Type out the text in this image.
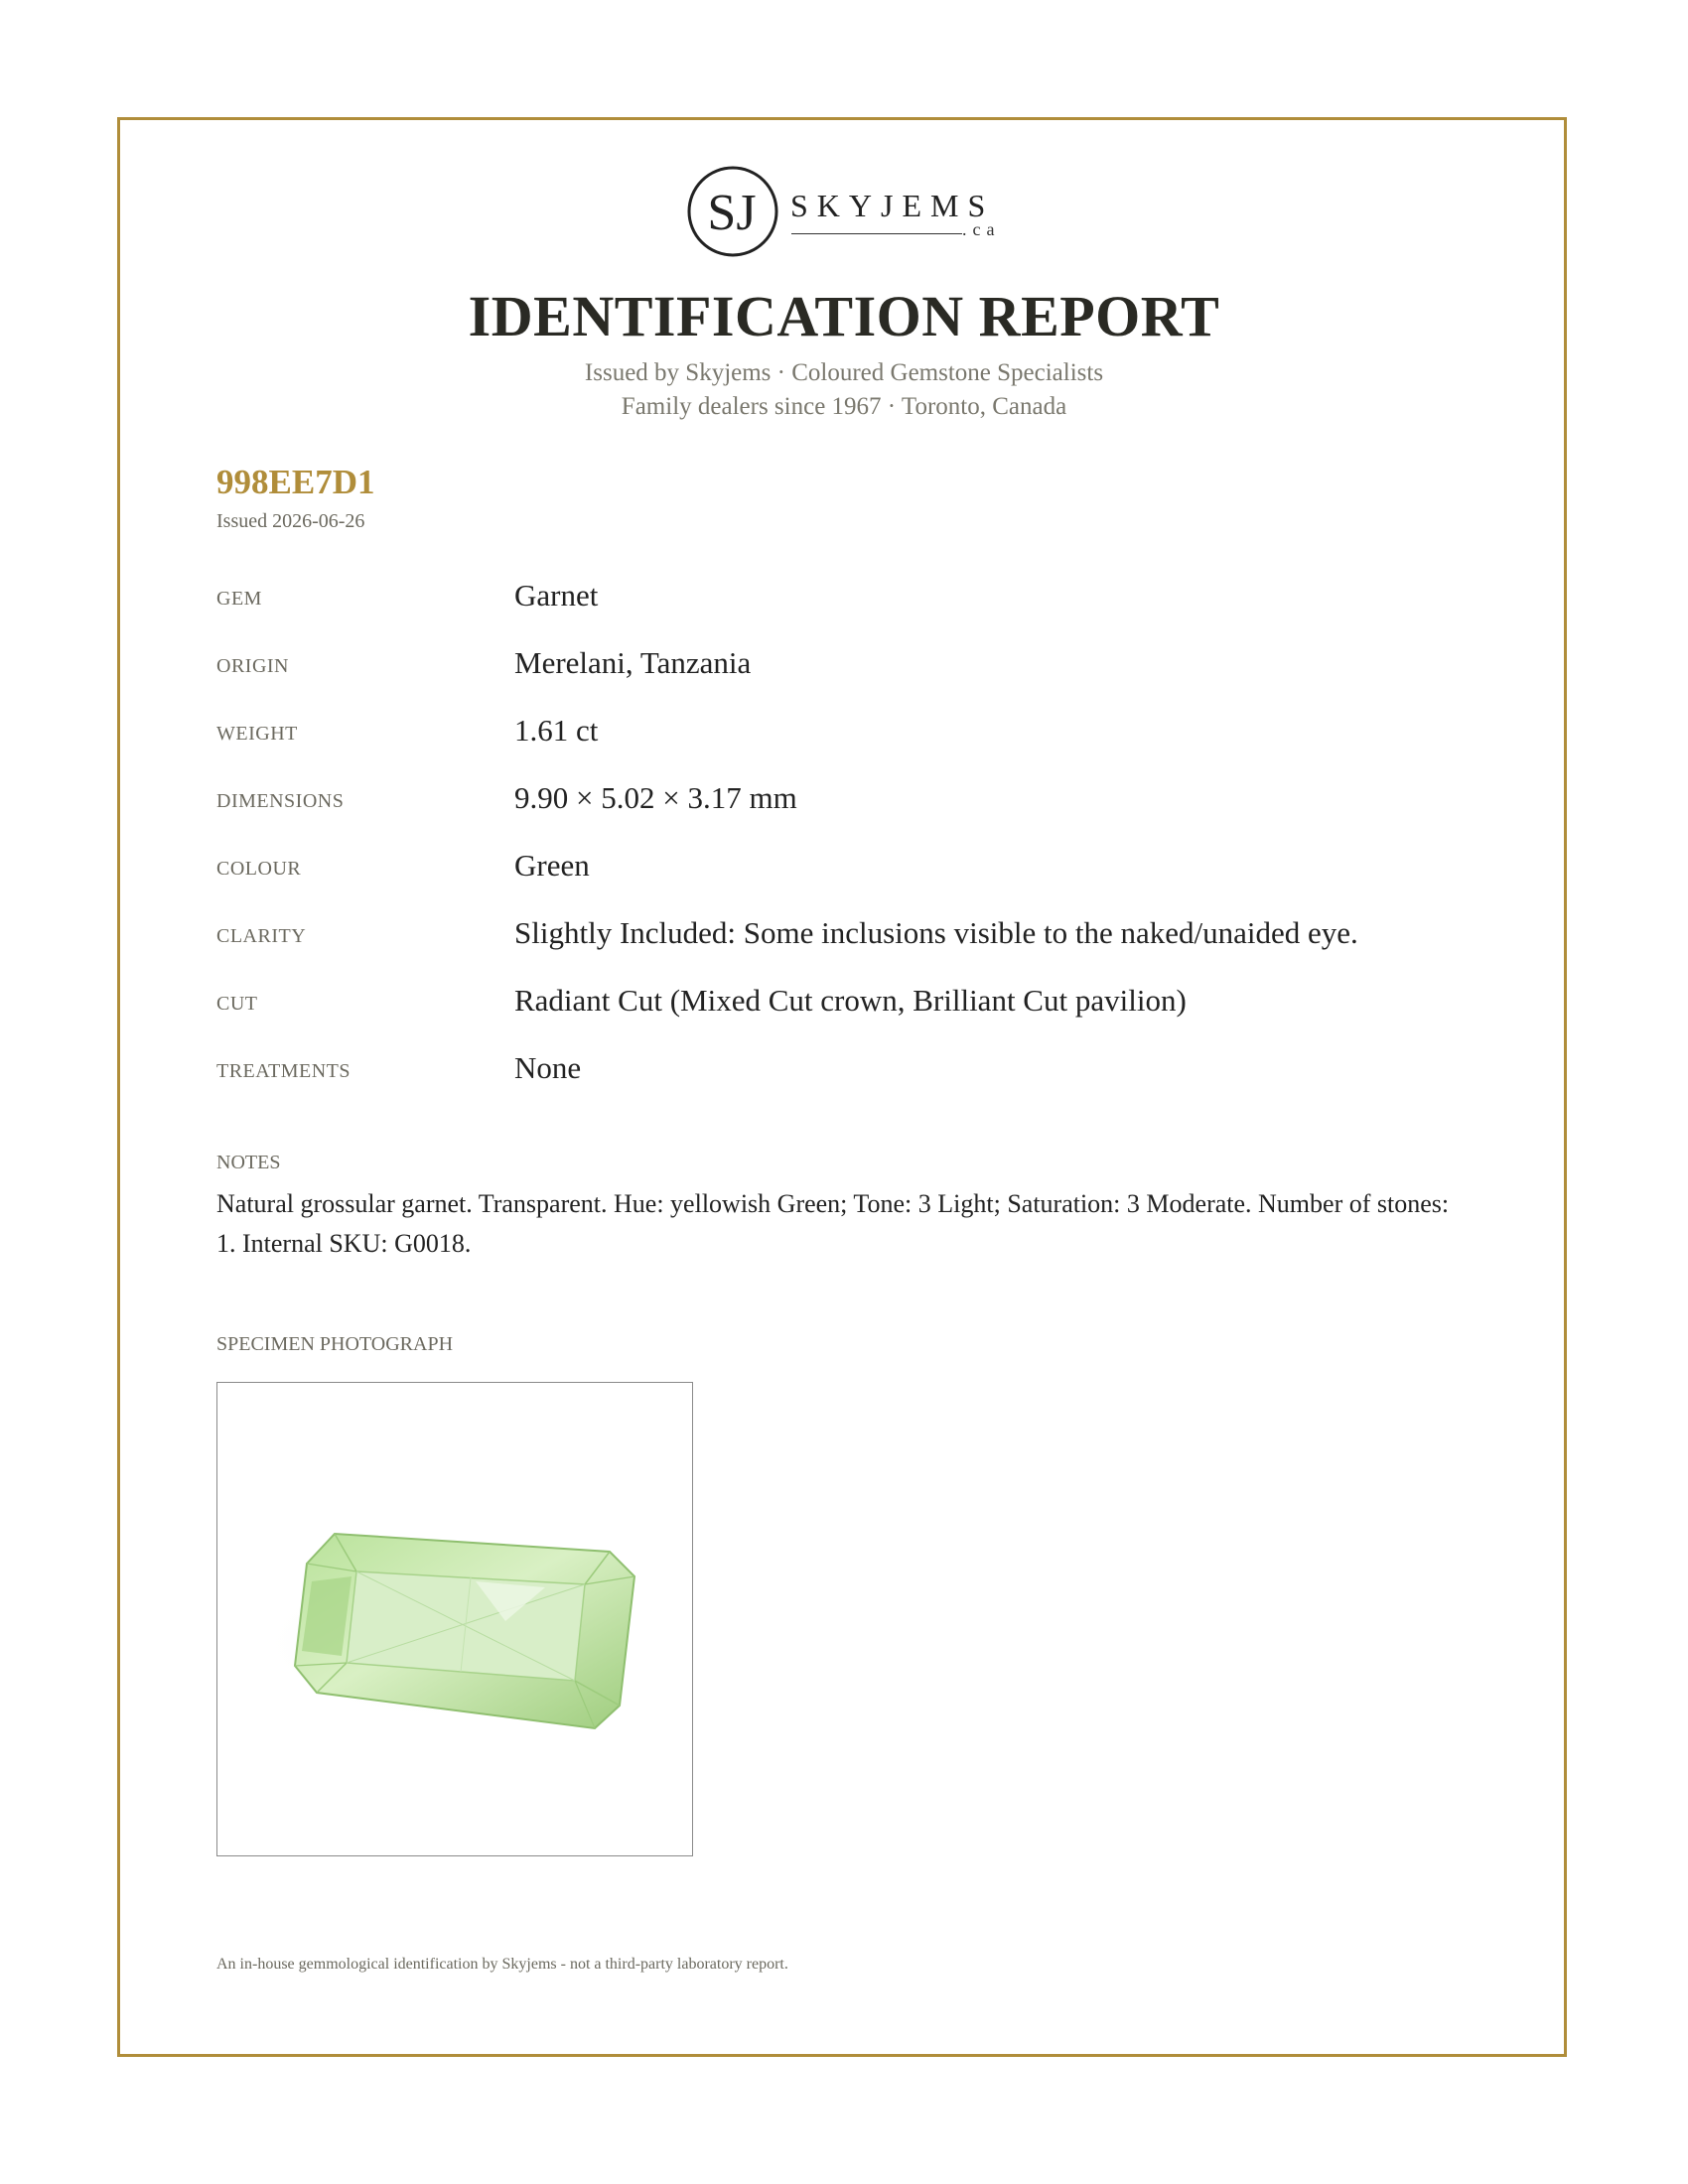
SJ SKYJEMS
.ca
IDENTIFICATION REPORT
Issued by Skyjems · Coloured Gemstone Specialists
Family dealers since 1967 · Toronto, Canada
998EE7D1
Issued 2026-06-26
GEM	Garnet
ORIGIN	Merelani, Tanzania
WEIGHT	1.61 ct
DIMENSIONS	9.90 × 5.02 × 3.17 mm
COLOUR	Green
CLARITY	Slightly Included: Some inclusions visible to the naked/unaided eye.
CUT	Radiant Cut (Mixed Cut crown, Brilliant Cut pavilion)
TREATMENTS	None
NOTES
Natural grossular garnet. Transparent. Hue: yellowish Green; Tone: 3 Light; Saturation: 3 Moderate. Number of stones: 1. Internal SKU: G0018.
SPECIMEN PHOTOGRAPH
An in-house gemmological identification by Skyjems - not a third-party laboratory report.
